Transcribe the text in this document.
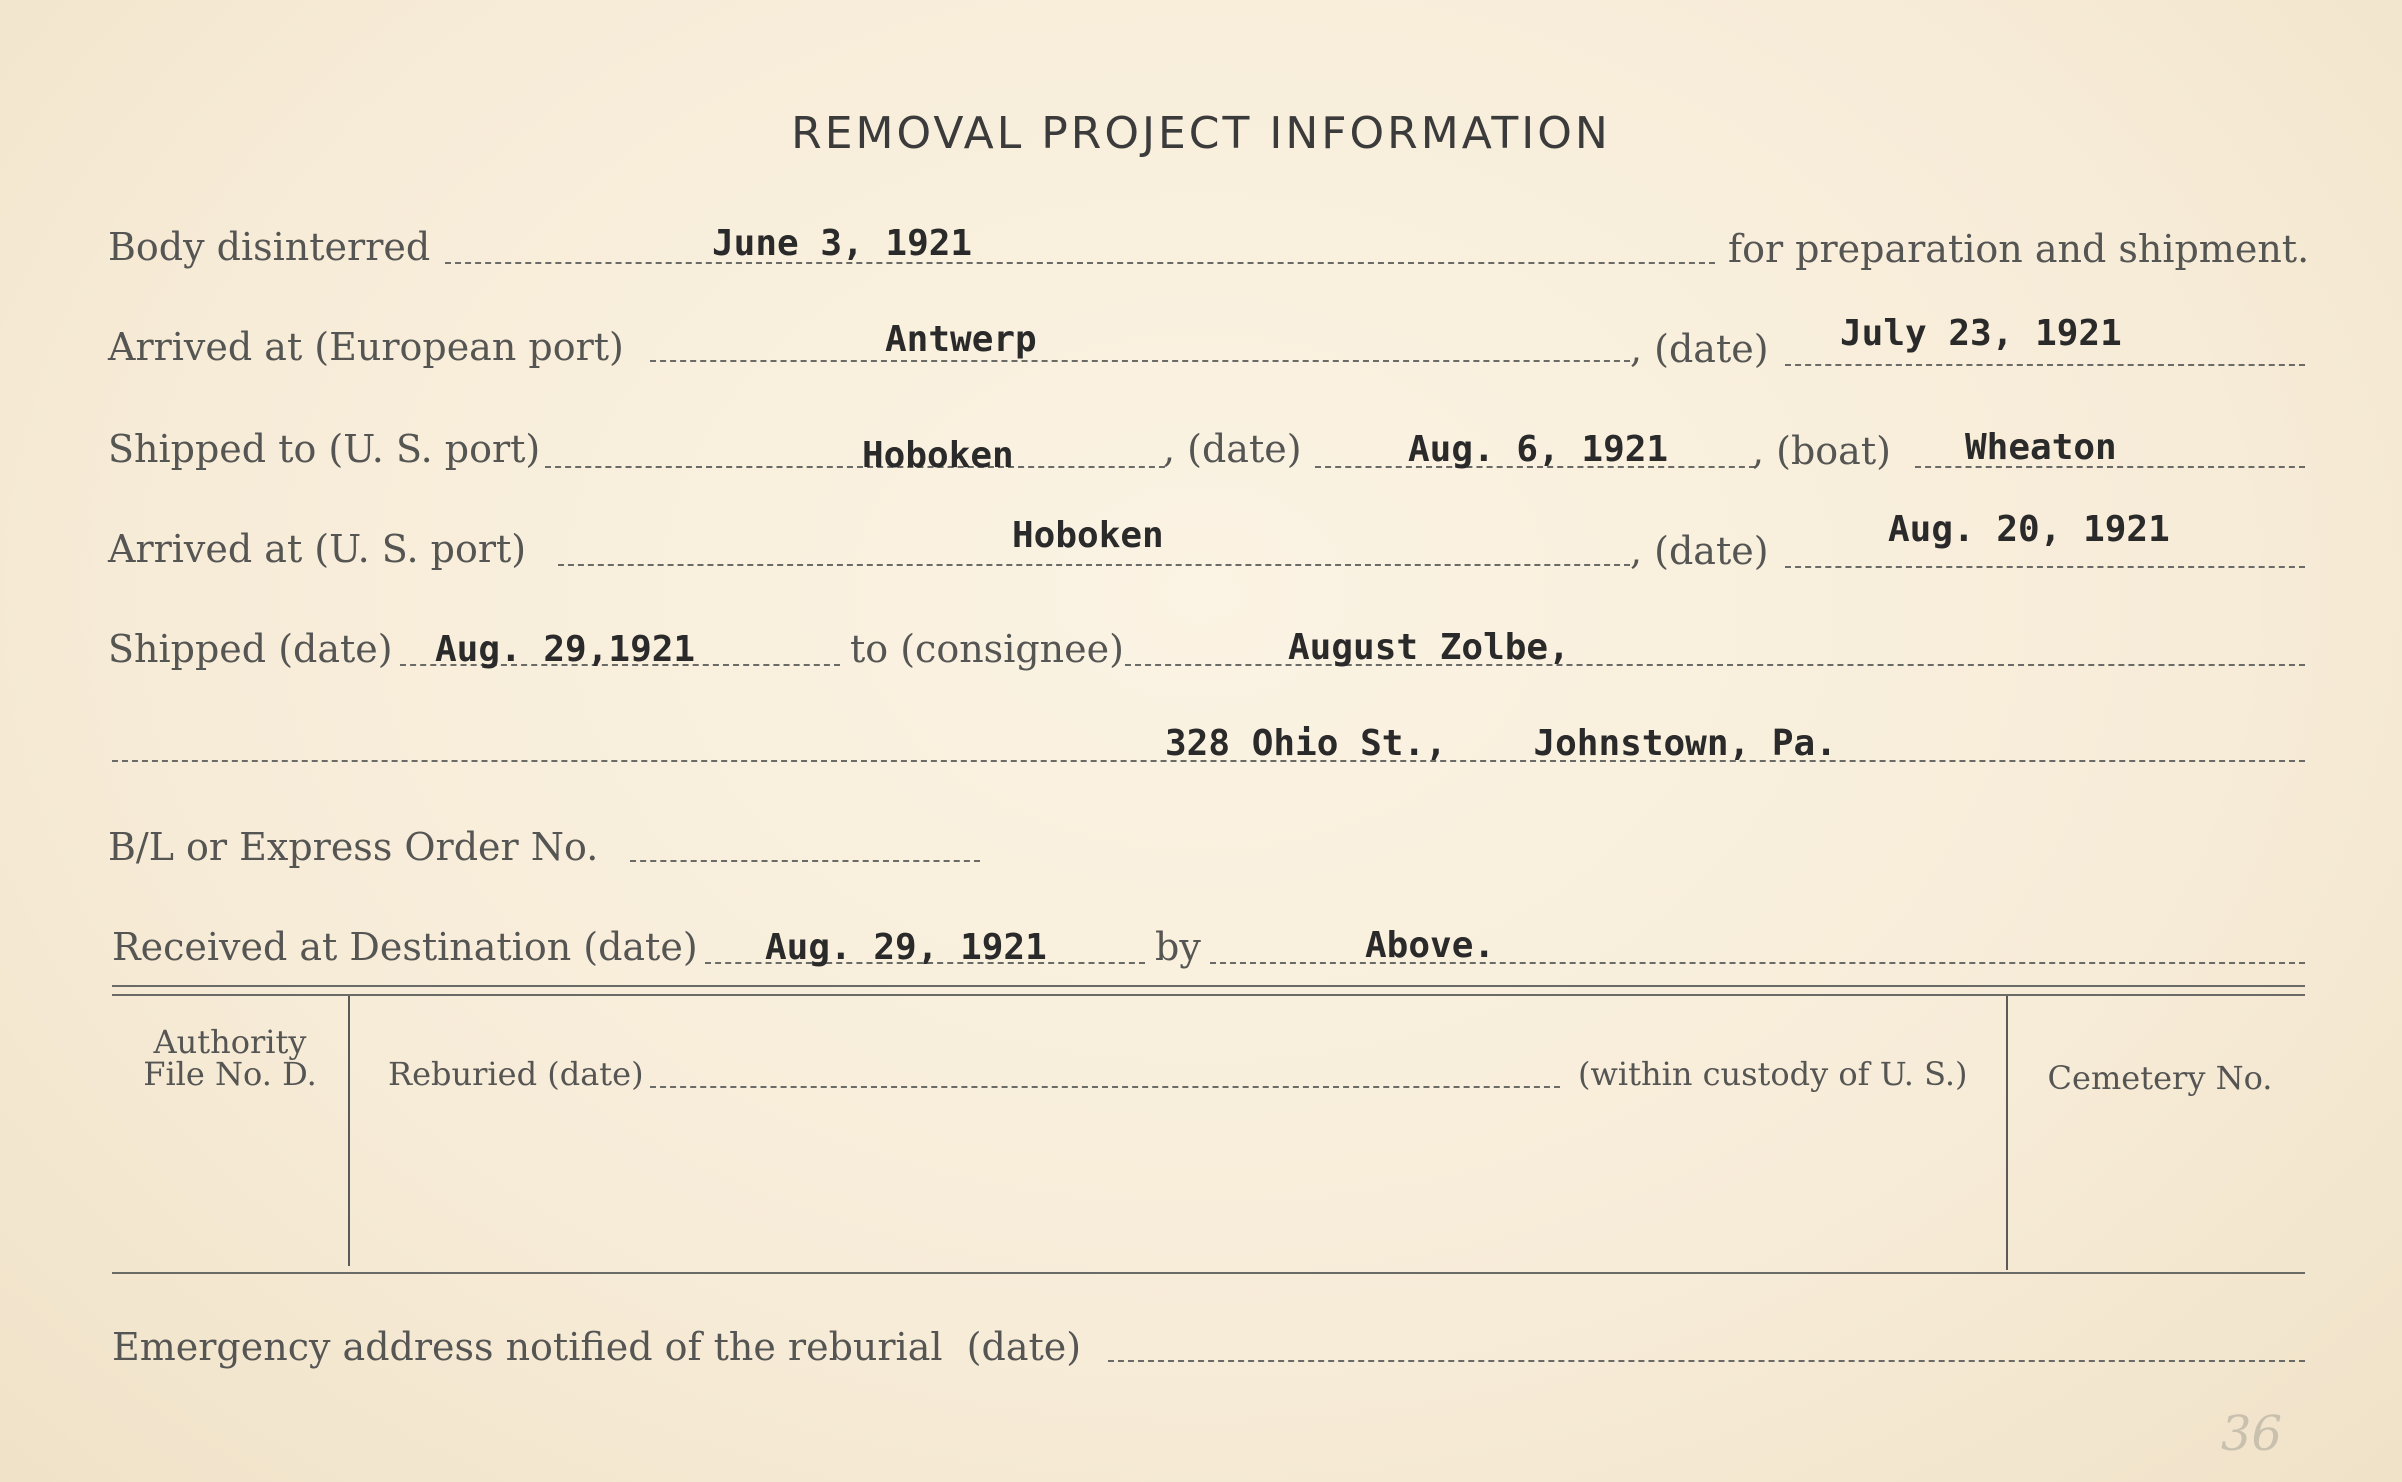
REMOVAL PROJECT INFORMATION
Body disinterred	June 3, 1921	for preparation and shipment.
Arrived at (European port)	Antwerp	, (date) July 23, 1921
Shipped to (U. S. port)	Hoboken	, (date)	Aug. 6, 1921 , (boat) Wheaton
Arrived at (U. S. port)	Hoboken	, (date)	Aug. 20, 1921
Shipped (date) Aug. 29,1921	to (consignee)	August Zolbe,
328 Ohio St.,    Johnstown, Pa.
B/L or Express Order No.
Received at Destination (date) Aug. 29, 1921	by	Above.
Authority
File No. D.	Reburied (date)	(within custody of U. S.)	Cemetery No.
Emergency address notified of the reburial  (date)
36
